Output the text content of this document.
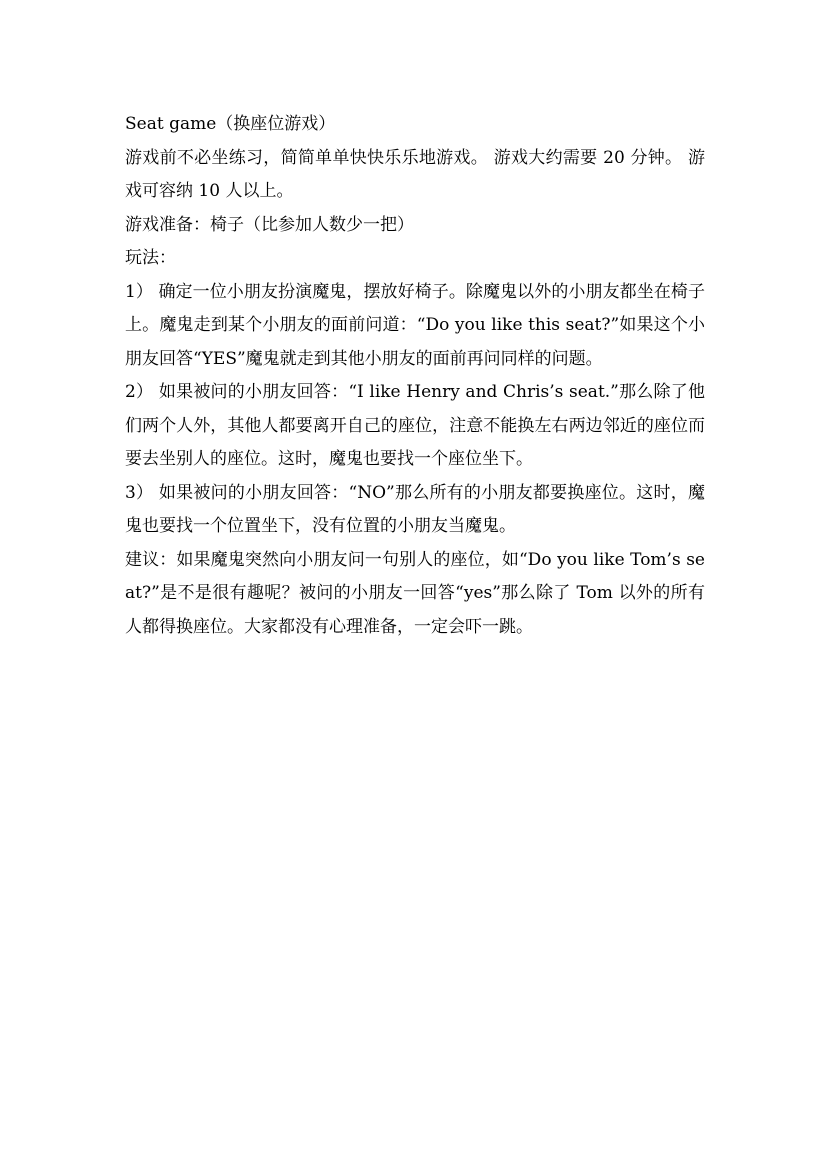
Seat game（换座位游戏）

游戏前不必坐练习，简简单单快快乐乐地游戏。 游戏大约需要 20 分钟。 游戏可容纳 10 人以上。

游戏准备：椅子（比参加人数少一把）

玩法：

1） 确定一位小朋友扮演魔鬼，摆放好椅子。除魔鬼以外的小朋友都坐在椅子上。魔鬼走到某个小朋友的面前问道：“Do you like this seat?”如果这个小朋友回答“YES”魔鬼就走到其他小朋友的面前再问同样的问题。

2） 如果被问的小朋友回答：“I like Henry and Chris’s seat.”那么除了他们两个人外，其他人都要离开自己的座位，注意不能换左右两边邻近的座位而要去坐别人的座位。这时，魔鬼也要找一个座位坐下。

3） 如果被问的小朋友回答：“NO”那么所有的小朋友都要换座位。这时，魔鬼也要找一个位置坐下，没有位置的小朋友当魔鬼。

建议：如果魔鬼突然向小朋友问一句别人的座位，如“Do you like Tom’s seat?”是不是很有趣呢？被问的小朋友一回答“yes”那么除了 Tom 以外的所有人都得换座位。大家都没有心理准备，一定会吓一跳。
